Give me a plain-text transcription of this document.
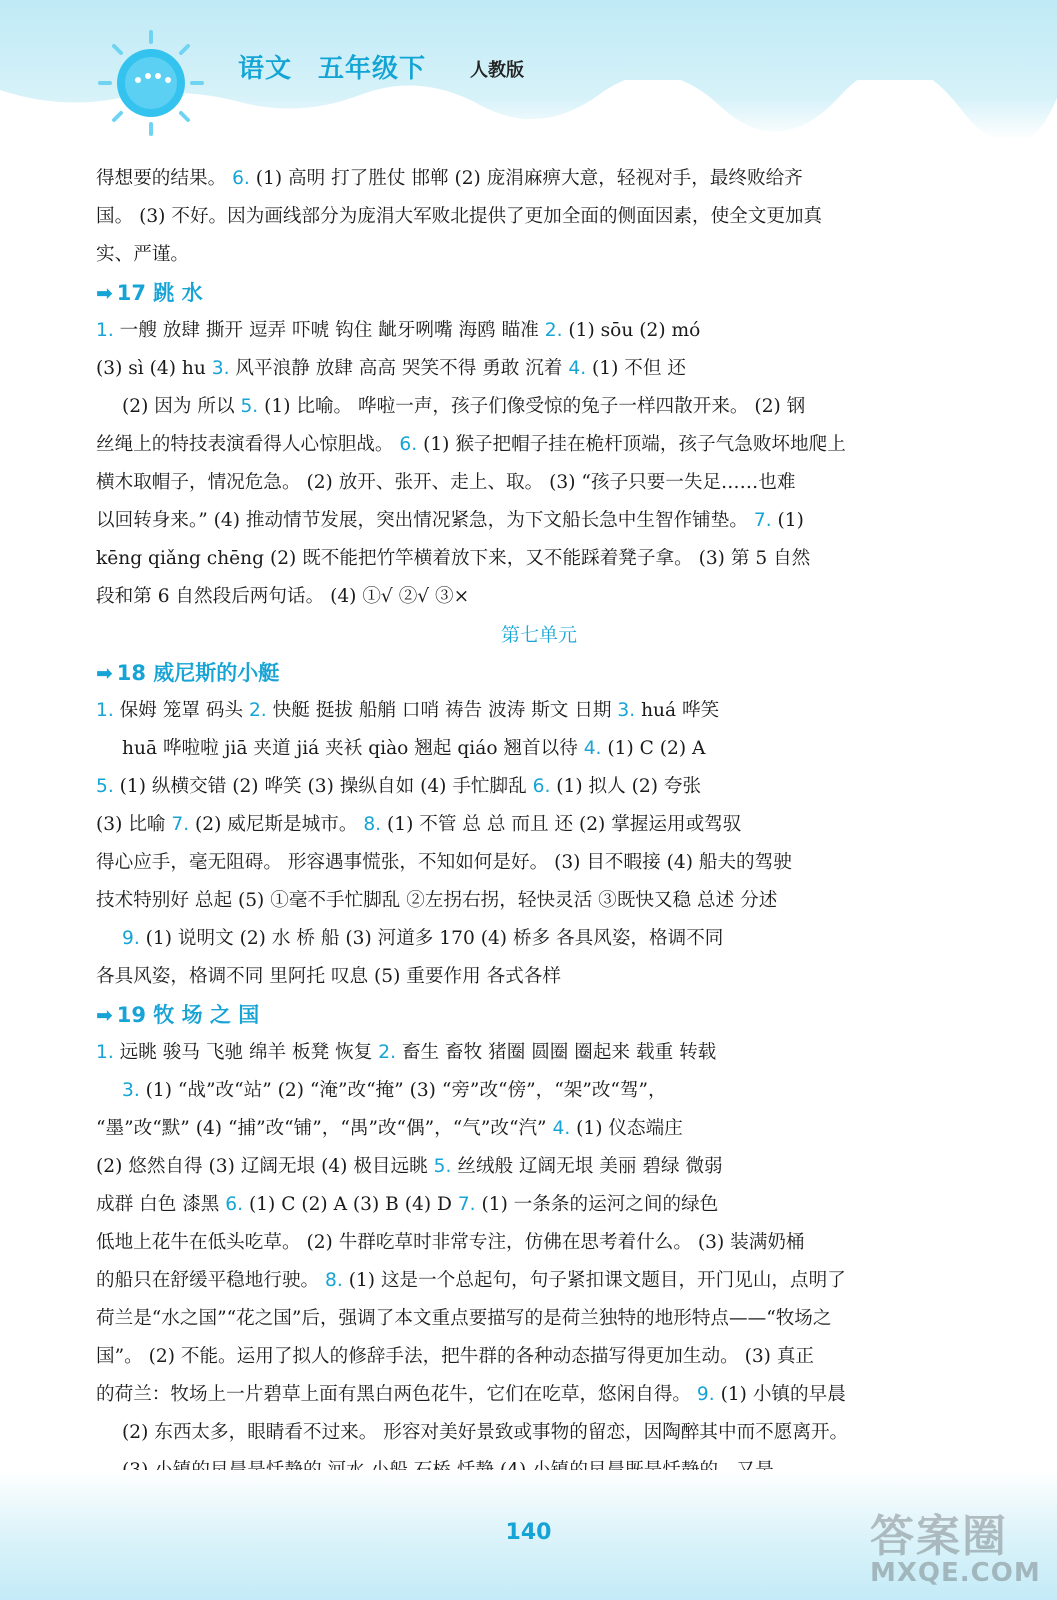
语文 五年级下	人教版
得想要的结果。 6. (1) 高明 打了胜仗 邯郸 (2) 庞涓麻痹大意，轻视对手，最终败给齐
国。 (3) 不好。因为画线部分为庞涓大军败北提供了更加全面的侧面因素，使全文更加真
实、严谨。
➡ 17 跳 水
1. 一艘 放肆 撕开 逗弄 吓唬 钩住 龇牙咧嘴 海鸥 瞄准 2. (1) sōu (2) mó
(3) sì (4) hu 3. 风平浪静 放肆 高高 哭笑不得 勇敢 沉着 4. (1) 不但 还
(2) 因为 所以 5. (1) 比喻。 哗啦一声，孩子们像受惊的兔子一样四散开来。 (2) 钢
丝绳上的特技表演看得人心惊胆战。 6. (1) 猴子把帽子挂在桅杆顶端，孩子气急败坏地爬上
横木取帽子，情况危急。 (2) 放开、张开、走上、取。 (3) “孩子只要一失足……也难
以回转身来。” (4) 推动情节发展，突出情况紧急，为下文船长急中生智作铺垫。 7. (1)
kēng qiǎng chēng (2) 既不能把竹竿横着放下来，又不能踩着凳子拿。 (3) 第 5 自然
段和第 6 自然段后两句话。 (4) ①√ ②√ ③×
第七单元
➡ 18 威尼斯的小艇
1. 保姆 笼罩 码头 2. 快艇 挺拔 船艄 口哨 祷告 波涛 斯文 日期 3. huá 哗笑
huā 哗啦啦 jiā 夹道 jiá 夹袄 qiào 翘起 qiáo 翘首以待 4. (1) C (2) A
5. (1) 纵横交错 (2) 哗笑 (3) 操纵自如 (4) 手忙脚乱 6. (1) 拟人 (2) 夸张
(3) 比喻 7. (2) 威尼斯是城市。 8. (1) 不管 总 总 而且 还 (2) 掌握运用或驾驭
得心应手，毫无阻碍。 形容遇事慌张，不知如何是好。 (3) 目不暇接 (4) 船夫的驾驶
技术特别好 总起 (5) ①毫不手忙脚乱 ②左拐右拐，轻快灵活 ③既快又稳 总述 分述
9. (1) 说明文 (2) 水 桥 船 (3) 河道多 170 (4) 桥多 各具风姿，格调不同
各具风姿，格调不同 里阿托 叹息 (5) 重要作用 各式各样
➡ 19 牧 场 之 国
1. 远眺 骏马 飞驰 绵羊 板凳 恢复 2. 畜生 畜牧 猪圈 圆圈 圈起来 载重 转载
3. (1) “战”改“站” (2) “淹”改“掩” (3) “旁”改“傍”，“架”改“驾”，
“墨”改“默” (4) “捕”改“铺”，“禺”改“偶”，“气”改“汽” 4. (1) 仪态端庄
(2) 悠然自得 (3) 辽阔无垠 (4) 极目远眺 5. 丝绒般 辽阔无垠 美丽 碧绿 微弱
成群 白色 漆黑 6. (1) C (2) A (3) B (4) D 7. (1) 一条条的运河之间的绿色
低地上花牛在低头吃草。 (2) 牛群吃草时非常专注，仿佛在思考着什么。 (3) 装满奶桶
的船只在舒缓平稳地行驶。 8. (1) 这是一个总起句，句子紧扣课文题目，开门见山，点明了
荷兰是“水之国”“花之国”后，强调了本文重点要描写的是荷兰独特的地形特点——“牧场之
国”。 (2) 不能。运用了拟人的修辞手法，把牛群的各种动态描写得更加生动。 (3) 真正
的荷兰：牧场上一片碧草上面有黑白两色花牛，它们在吃草，悠闲自得。 9. (1) 小镇的早晨
(2) 东西太多，眼睛看不过来。 形容对美好景致或事物的留恋，因陶醉其中而不愿离开。
140	答案圈
MXQE.COM
